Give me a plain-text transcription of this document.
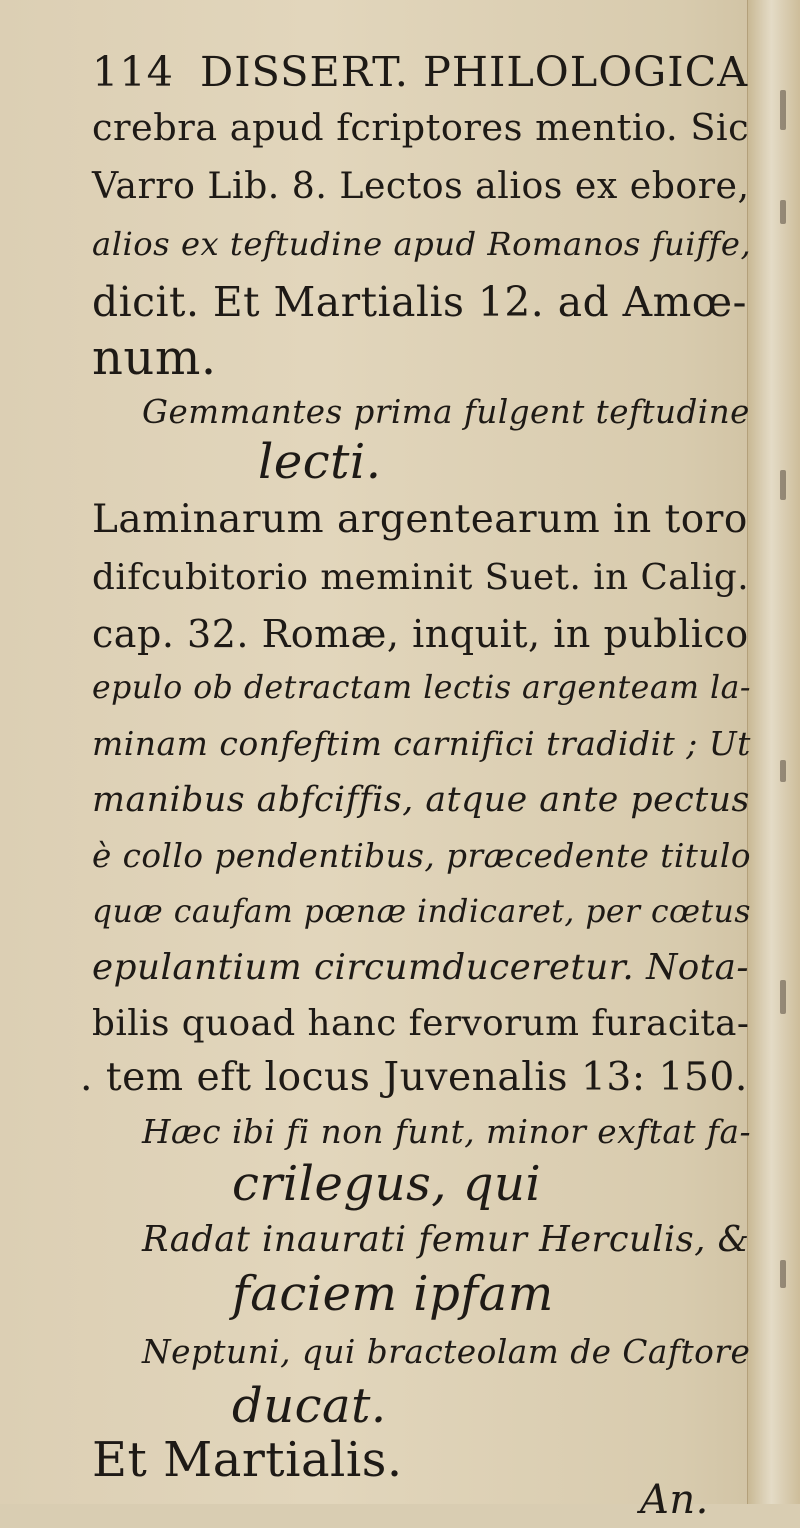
114 DISSERT. PHILOLOGICA
crebra apud fcriptores mentio. Sic
Varro Lib. 8. Lectos alios ex ebore,
alios ex teftudine apud Romanos fuiffe,
dicit. Et Martialis 12. ad Amœ-
num.
Gemmantes prima fulgent teftudine
lecti.
Laminarum argentearum in toro
difcubitorio meminit Suet. in Calig.
cap. 32. Romæ, inquit, in publico
epulo ob detractam lectis argenteam la-
minam confeftim carnifici tradidit ; Ut
manibus abfciffis, atque ante pectus
è collo pendentibus, præcedente titulo
quæ caufam pœnæ indicaret, per cœtus
epulantium circumduceretur. Nota-
bilis quoad hanc fervorum furacita-
. tem eft locus Juvenalis 13: 150.
Hæc ibi fi non funt, minor exftat fa-
crilegus, qui
Radat inaurati femur Herculis, &
faciem ipfam
Neptuni, qui bracteolam de Caftore
ducat.
Et Martialis.
An.
